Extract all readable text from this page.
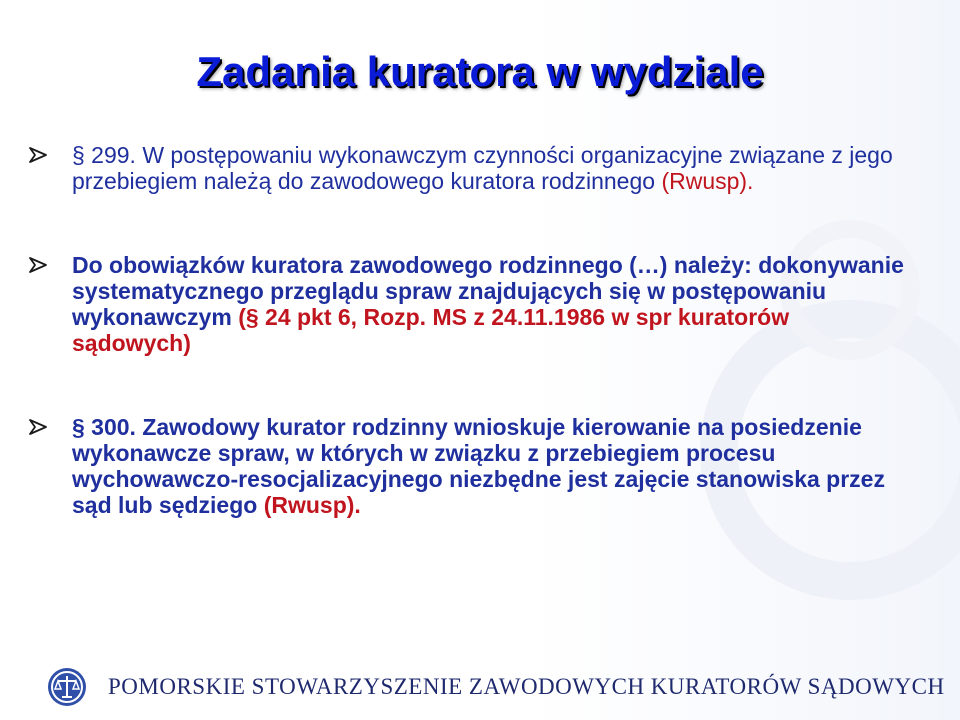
Zadania kuratora w wydziale
§ 299. W postępowaniu wykonawczym czynności organizacyjne związane z jego przebiegiem należą do zawodowego kuratora rodzinnego (Rwusp).
Do obowiązków kuratora zawodowego rodzinnego (…) należy: dokonywanie systematycznego przeglądu spraw znajdujących się w postępowaniu wykonawczym (§ 24 pkt 6, Rozp. MS z 24.11.1986 w spr kuratorów sądowych)
§ 300. Zawodowy kurator rodzinny wnioskuje kierowanie na posiedzenie wykonawcze spraw, w których w związku z przebiegiem procesu wychowawczo-resocjalizacyjnego niezbędne jest zajęcie stanowiska przez sąd lub sędziego (Rwusp).
POMORSKIE STOWARZYSZENIE ZAWODOWYCH KURATORÓW SĄDOWYCH
